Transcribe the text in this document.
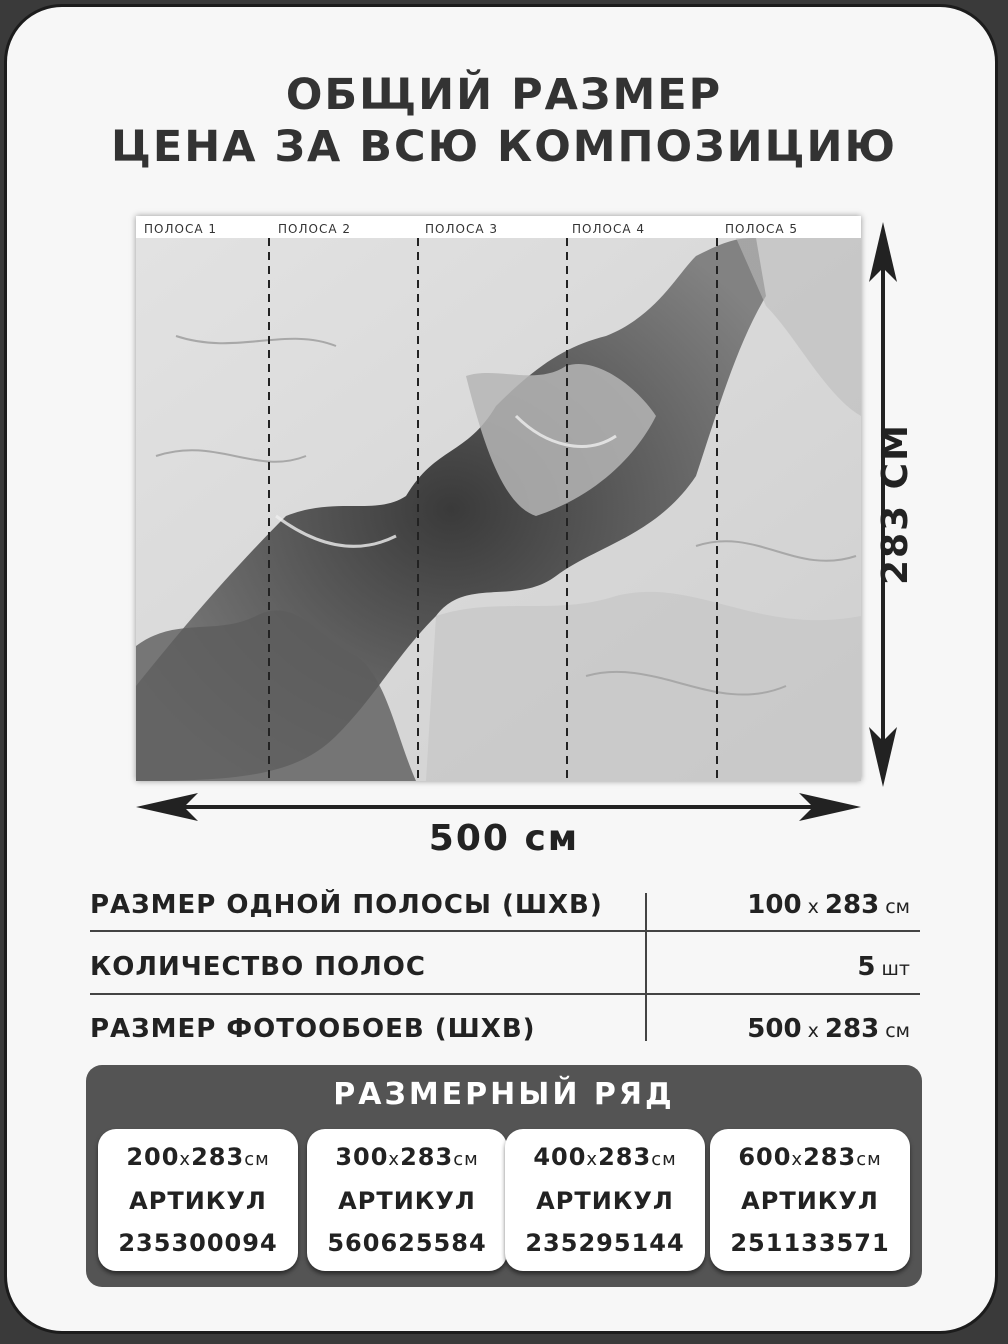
ОБЩИЙ РАЗМЕР
ЦЕНА ЗА ВСЮ КОМПОЗИЦИЮ
ПОЛОСА 1	ПОЛОСА 2	ПОЛОСА 3	ПОЛОСА 4	ПОЛОСА 5
500 см
283 СМ
РАЗМЕР ОДНОЙ ПОЛОСЫ (ШХВ)	100 x 283 см
КОЛИЧЕСТВО ПОЛОС	5 шт
РАЗМЕР ФОТООБОЕВ (ШХВ)	500 x 283 см
РАЗМЕРНЫЙ РЯД
200x283см
АРТИКУЛ
235300094
300x283см
АРТИКУЛ
560625584
400x283см
АРТИКУЛ
235295144
600x283см
АРТИКУЛ
251133571
